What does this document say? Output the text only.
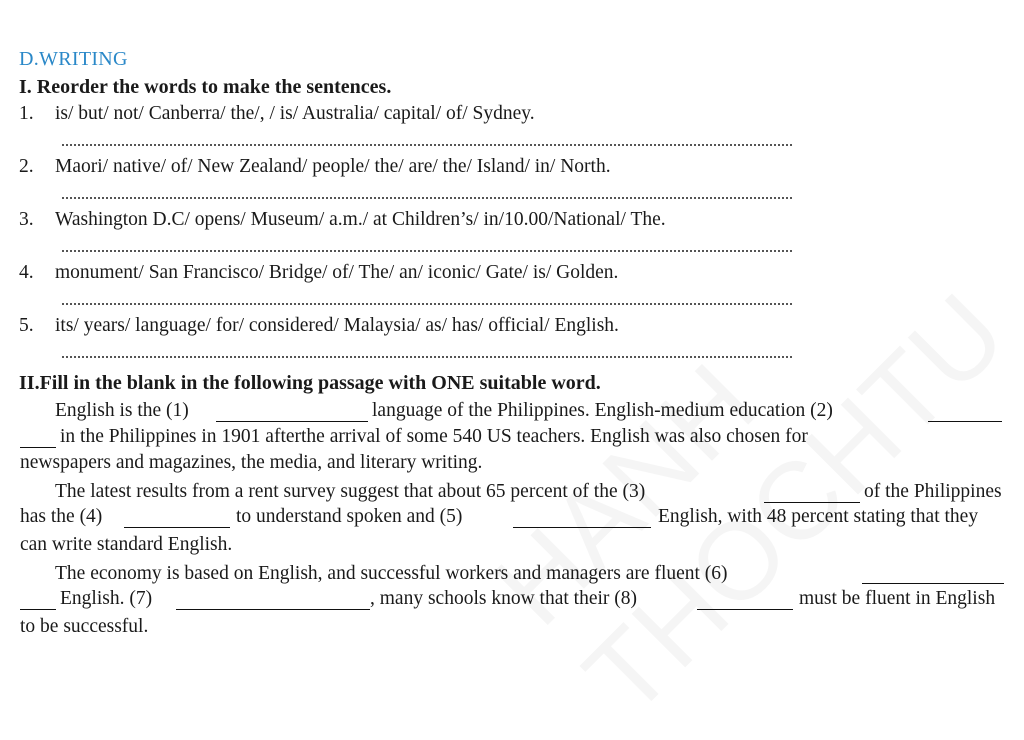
D.WRITING
I. Reorder the words to make the sentences.
1. is/ but/ not/ Canberra/ the/, / is/ Australia/ capital/ of/ Sydney.
2. Maori/ native/ of/ New Zealand/ people/ the/ are/ the/ Island/ in/ North.
3. Washington D.C/ opens/ Museum/ a.m./ at Children’s/ in/10.00/National/ The.
4. monument/ San Francisco/ Bridge/ of/ The/ an/ iconic/ Gate/ is/ Golden.
5. its/ years/ language/ for/ considered/ Malaysia/ as/ has/ official/ English.
II.Fill in the blank in the following passage with ONE suitable word.
English is the (1)	language of the Philippines. English-medium education (2)
in the Philippines in 1901 afterthe arrival of some 540 US teachers. English was also chosen for
newspapers and magazines, the media, and literary writing.
The latest results from a rent survey suggest that about 65 percent of the (3)	of the Philippines
has the (4)	to understand spoken and (5)	English, with 48 percent stating that they
can write standard English.
The economy is based on English, and successful workers and managers are fluent (6)
English. (7)	, many schools know that their (8)	must be fluent in English
to be successful.
